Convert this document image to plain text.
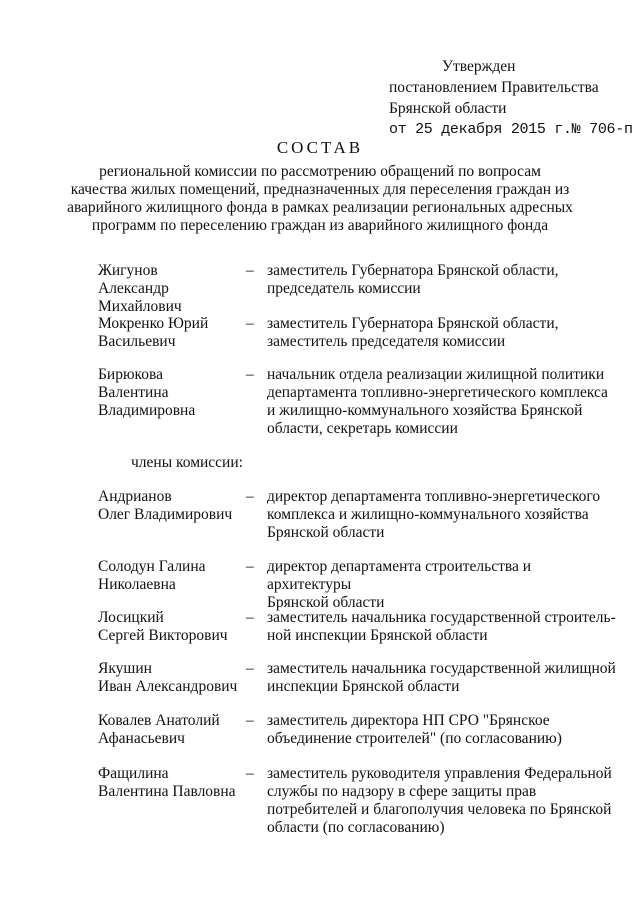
Утвержден
постановлением Правительства
Брянской области
от 25 декабря 2015 г.№ 706-п
СОСТАВ
региональной комиссии по рассмотрению обращений по вопросам
качества жилых помещений, предназначенных для переселения граждан из
аварийного жилищного фонда в рамках реализации региональных адресных
программ по переселению граждан из аварийного жилищного фонда
Жигунов
Александр Михайлович
– заместитель Губернатора Брянской области,
председатель комиссии
Мокренко Юрий
Васильевич
– заместитель Губернатора Брянской области,
заместитель председателя комиссии
Бирюкова
Валентина
Владимировна
– начальник отдела реализации жилищной политики
департамента топливно-энергетического комплекса
и жилищно-коммунального хозяйства Брянской
области, секретарь комиссии
члены комиссии:
Андрианов
Олег Владимирович
– директор департамента топливно-энергетического
комплекса и жилищно-коммунального хозяйства
Брянской области
Солодун Галина
Николаевна
– директор департамента строительства и архитектуры
Брянской области
Лосицкий
Сергей Викторович
– заместитель начальника государственной строитель-
ной инспекции Брянской области
Якушин
Иван Александрович
– заместитель начальника государственной жилищной
инспекции Брянской области
Ковалев Анатолий
Афанасьевич
– заместитель директора НП СРО "Брянское
объединение строителей" (по согласованию)
Фащилина
Валентина Павловна
– заместитель руководителя управления Федеральной
службы по надзору в сфере защиты прав
потребителей и благополучия человека по Брянской
области (по согласованию)
